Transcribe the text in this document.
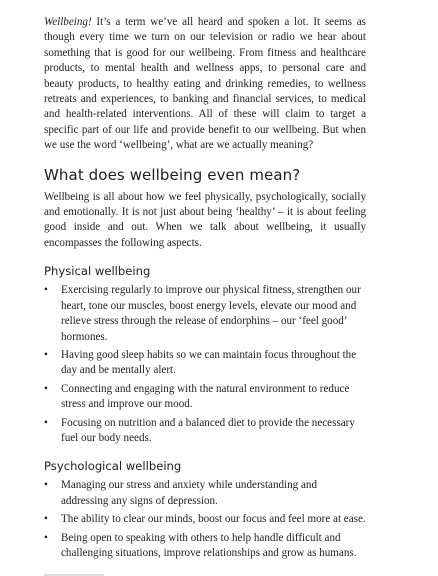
Wellbeing! It’s a term we’ve all heard and spoken a lot. It seems as though every time we turn on our television or radio we hear about something that is good for our wellbeing. From fitness and healthcare products, to mental health and wellness apps, to personal care and beauty products, to healthy eating and drinking remedies, to wellness retreats and experiences, to banking and financial services, to medical and health-related interventions. All of these will claim to target a specific part of our life and provide benefit to our wellbeing. But when we use the word ‘wellbeing’, what are we actually meaning?

What does wellbeing even mean?

Wellbeing is all about how we feel physically, psychologically, socially and emotionally. It is not just about being ‘healthy’ – it is about feeling good inside and out. When we talk about wellbeing, it usually encompasses the following aspects.

Physical wellbeing
• Exercising regularly to improve our physical fitness, strengthen our heart, tone our muscles, boost energy levels, elevate our mood and relieve stress through the release of endorphins – our ‘feel good’ hormones.
• Having good sleep habits so we can maintain focus throughout the day and be mentally alert.
• Connecting and engaging with the natural environment to reduce stress and improve our mood.
• Focusing on nutrition and a balanced diet to provide the necessary fuel our body needs.
Psychological wellbeing
• Managing our stress and anxiety while understanding and addressing any signs of depression.
• The ability to clear our minds, boost our focus and feel more at ease.
• Being open to speaking with others to help handle difficult and challenging situations, improve relationships and grow as humans.
